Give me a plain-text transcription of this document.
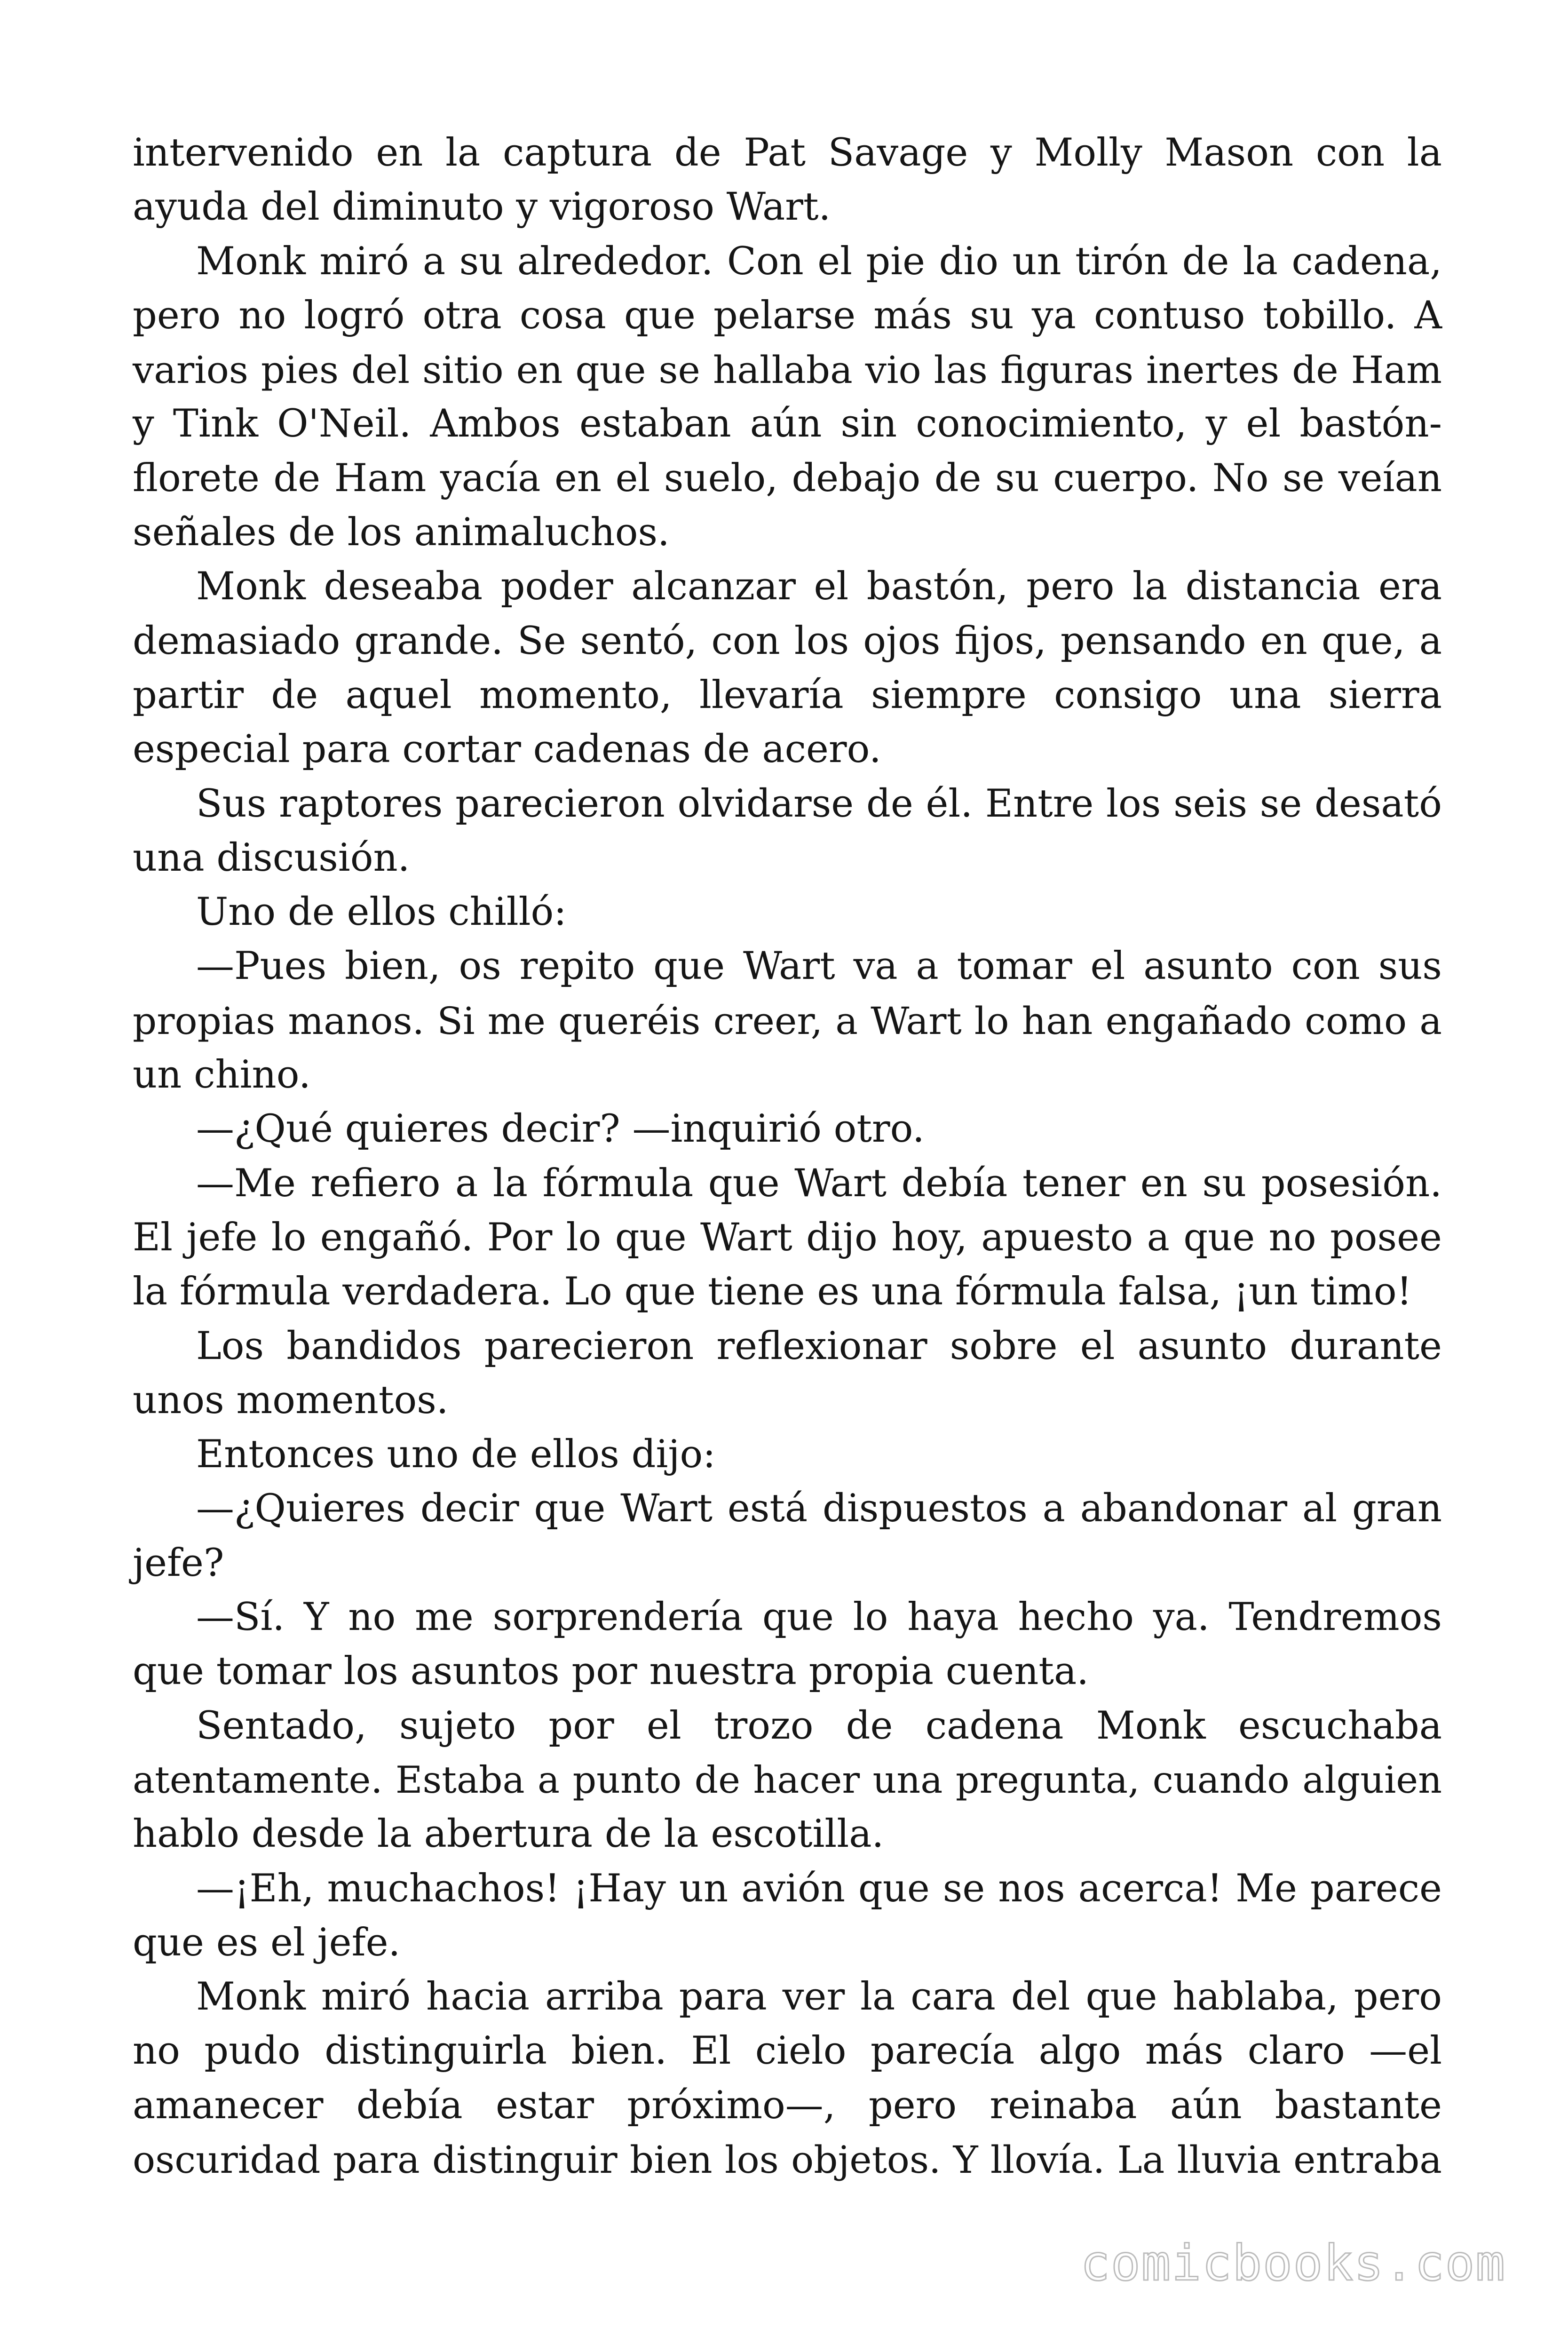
intervenido en la captura de Pat Savage y Molly Mason con la
ayuda del diminuto y vigoroso Wart.
Monk miró a su alrededor. Con el pie dio un tirón de la cadena,
pero no logró otra cosa que pelarse más su ya contuso tobillo. A
varios pies del sitio en que se hallaba vio las figuras inertes de Ham
y Tink O'Neil. Ambos estaban aún sin conocimiento, y el bastón-
florete de Ham yacía en el suelo, debajo de su cuerpo. No se veían
señales de los animaluchos.
Monk deseaba poder alcanzar el bastón, pero la distancia era
demasiado grande. Se sentó, con los ojos fijos, pensando en que, a
partir de aquel momento, llevaría siempre consigo una sierra
especial para cortar cadenas de acero.
Sus raptores parecieron olvidarse de él. Entre los seis se desató
una discusión.
Uno de ellos chilló:
—Pues bien, os repito que Wart va a tomar el asunto con sus
propias manos. Si me queréis creer, a Wart lo han engañado como a
un chino.
—¿Qué quieres decir? —inquirió otro.
—Me refiero a la fórmula que Wart debía tener en su posesión.
El jefe lo engañó. Por lo que Wart dijo hoy, apuesto a que no posee
la fórmula verdadera. Lo que tiene es una fórmula falsa, ¡un timo!
Los bandidos parecieron reflexionar sobre el asunto durante
unos momentos.
Entonces uno de ellos dijo:
—¿Quieres decir que Wart está dispuestos a abandonar al gran
jefe?
—Sí. Y no me sorprendería que lo haya hecho ya. Tendremos
que tomar los asuntos por nuestra propia cuenta.
Sentado, sujeto por el trozo de cadena Monk escuchaba
atentamente. Estaba a punto de hacer una pregunta, cuando alguien
hablo desde la abertura de la escotilla.
—¡Eh, muchachos! ¡Hay un avión que se nos acerca! Me parece
que es el jefe.
Monk miró hacia arriba para ver la cara del que hablaba, pero
no pudo distinguirla bien. El cielo parecía algo más claro —el
amanecer debía estar próximo—, pero reinaba aún bastante
oscuridad para distinguir bien los objetos. Y llovía. La lluvia entraba
comicbooks.com
